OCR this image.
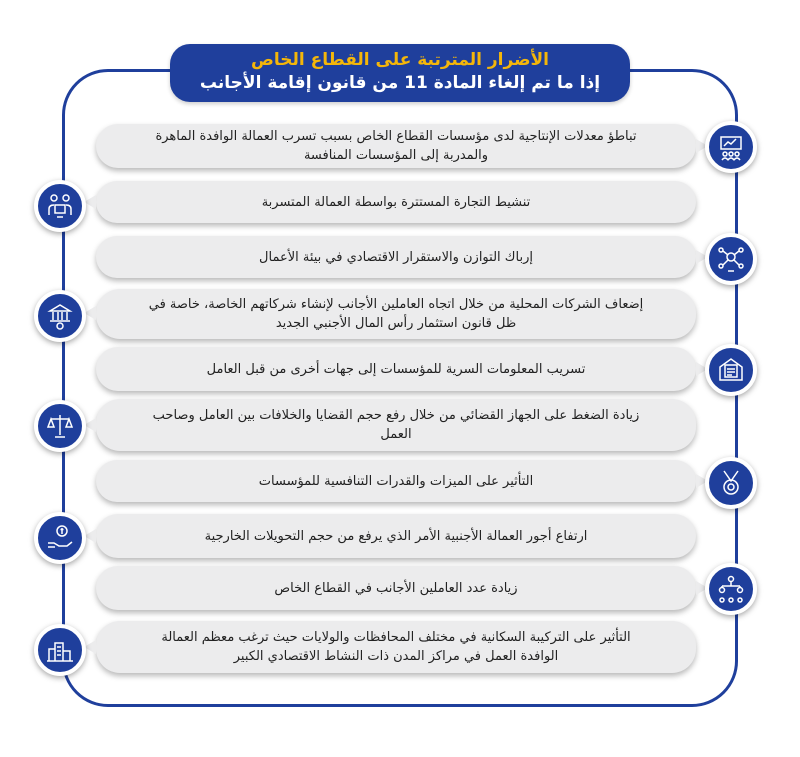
الأضرار المترتبة على القطاع الخاص
إذا ما تم إلغاء المادة 11 من قانون إقامة الأجانب
تباطؤ معدلات الإنتاجية لدى مؤسسات القطاع الخاص بسبب تسرب العمالة الوافدة الماهرة والمدربة إلى المؤسسات المنافسة
تنشيط التجارة المستترة بواسطة العمالة المتسربة
إرباك التوازن والاستقرار الاقتصادي في بيئة الأعمال
إضعاف الشركات المحلية من خلال اتجاه العاملين الأجانب لإنشاء شركاتهم الخاصة، خاصة في ظل قانون استثمار رأس المال الأجنبي الجديد
تسريب المعلومات السرية للمؤسسات إلى جهات أخرى من قبل العامل
زيادة الضغط على الجهاز القضائي من خلال رفع حجم القضايا والخلافات بين العامل وصاحب العمل
التأثير على الميزات والقدرات التنافسية للمؤسسات
ارتفاع أجور العمالة الأجنبية الأمر الذي يرفع من حجم التحويلات الخارجية
زيادة عدد العاملين الأجانب في القطاع الخاص
التأثير على التركيبة السكانية في مختلف المحافظات والولايات حيث ترغب معظم العمالة الوافدة العمل في مراكز المدن ذات النشاط الاقتصادي الكبير
